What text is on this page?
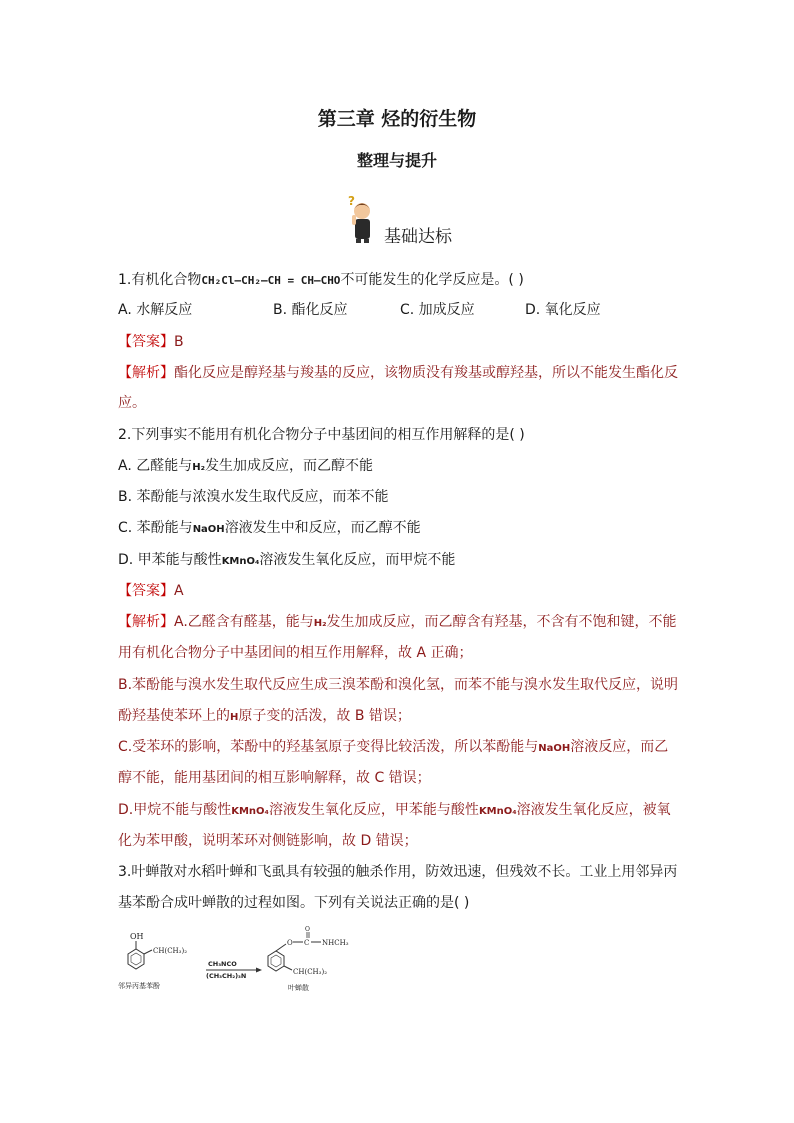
第三章 烃的衍生物
整理与提升
?
基础达标
1.有机化合物CH₂Cl—CH₂—CH = CH—CHO不可能发生的化学反应是。( )
A. 水解反应	B. 酯化反应	C. 加成反应	D. 氧化反应
【答案】B
【解析】酯化反应是醇羟基与羧基的反应，该物质没有羧基或醇羟基，所以不能发生酯化反
应。
2.下列事实不能用有机化合物分子中基团间的相互作用解释的是( )
A. 乙醛能与H₂发生加成反应，而乙醇不能
B. 苯酚能与浓溴水发生取代反应，而苯不能
C. 苯酚能与NaOH溶液发生中和反应，而乙醇不能
D. 甲苯能与酸性KMnO₄溶液发生氧化反应，而甲烷不能
【答案】A
【解析】A.乙醛含有醛基，能与H₂发生加成反应，而乙醇含有羟基，不含有不饱和键，不能
用有机化合物分子中基团间的相互作用解释，故 A 正确；
B.苯酚能与溴水发生取代反应生成三溴苯酚和溴化氢，而苯不能与溴水发生取代反应，说明
酚羟基使苯环上的H原子变的活泼，故 B 错误；
C.受苯环的影响，苯酚中的羟基氢原子变得比较活泼，所以苯酚能与NaOH溶液反应，而乙
醇不能，能用基团间的相互影响解释，故 C 错误；
D.甲烷不能与酸性KMnO₄溶液发生氧化反应，甲苯能与酸性KMnO₄溶液发生氧化反应，被氧
化为苯甲酸，说明苯环对侧链影响，故 D 错误；
3.叶蝉散对水稻叶蝉和飞虱具有较强的触杀作用，防效迅速，但残效不长。工业上用邻异丙
基苯酚合成叶蝉散的过程如图。下列有关说法正确的是( )
OH
CH(CH₃)₂
邻异丙基苯酚
CH₃NCO
(CH₃CH₂)₃N
O C
O
NHCH₃
CH(CH₃)₂
叶蝉散
